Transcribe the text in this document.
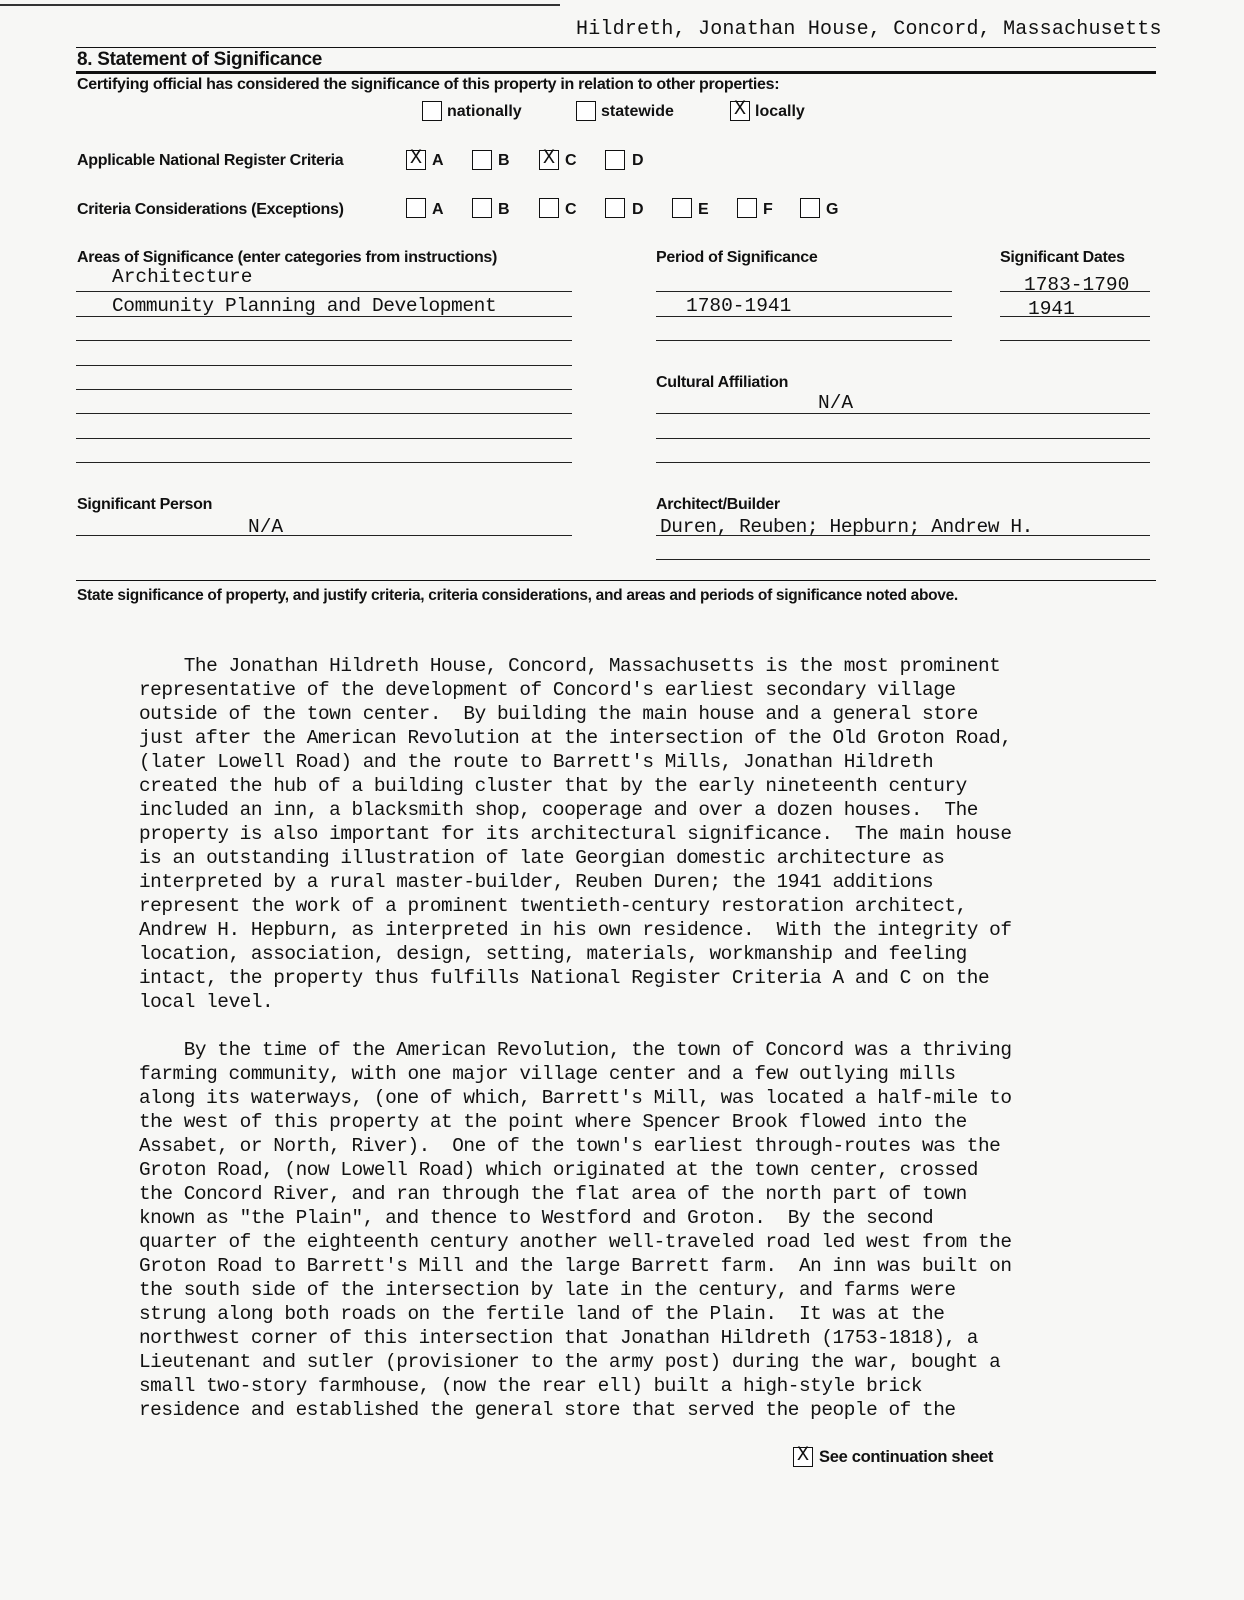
Hildreth, Jonathan House, Concord, Massachusetts
8. Statement of Significance
Certifying official has considered the significance of this property in relation to other properties:
nationally	statewide	X locally
Applicable National Register Criteria	X A	B X C	D
Criteria Considerations (Exceptions)	A	B	C	D	E	F	G
Areas of Significance (enter categories from instructions)
Architecture
Community Planning and Development
Period of Significance
1780-1941
Significant Dates
1783-1790
1941
Cultural Affiliation
N/A
Significant Person
N/A
Architect/Builder
Duren, Reuben; Hepburn; Andrew H.
State significance of property, and justify criteria, criteria considerations, and areas and periods of significance noted above.
The Jonathan Hildreth House, Concord, Massachusetts is the most prominent
representative of the development of Concord's earliest secondary village
outside of the town center.  By building the main house and a general store
just after the American Revolution at the intersection of the Old Groton Road,
(later Lowell Road) and the route to Barrett's Mills, Jonathan Hildreth
created the hub of a building cluster that by the early nineteenth century
included an inn, a blacksmith shop, cooperage and over a dozen houses.  The
property is also important for its architectural significance.  The main house
is an outstanding illustration of late Georgian domestic architecture as
interpreted by a rural master-builder, Reuben Duren; the 1941 additions
represent the work of a prominent twentieth-century restoration architect,
Andrew H. Hepburn, as interpreted in his own residence.  With the integrity of
location, association, design, setting, materials, workmanship and feeling
intact, the property thus fulfills National Register Criteria A and C on the
local level.
By the time of the American Revolution, the town of Concord was a thriving
farming community, with one major village center and a few outlying mills
along its waterways, (one of which, Barrett's Mill, was located a half-mile to
the west of this property at the point where Spencer Brook flowed into the
Assabet, or North, River).  One of the town's earliest through-routes was the
Groton Road, (now Lowell Road) which originated at the town center, crossed
the Concord River, and ran through the flat area of the north part of town
known as "the Plain", and thence to Westford and Groton.  By the second
quarter of the eighteenth century another well-traveled road led west from the
Groton Road to Barrett's Mill and the large Barrett farm.  An inn was built on
the south side of the intersection by late in the century, and farms were
strung along both roads on the fertile land of the Plain.  It was at the
northwest corner of this intersection that Jonathan Hildreth (1753-1818), a
Lieutenant and sutler (provisioner to the army post) during the war, bought a
small two-story farmhouse, (now the rear ell) built a high-style brick
residence and established the general store that served the people of the
X See continuation sheet
